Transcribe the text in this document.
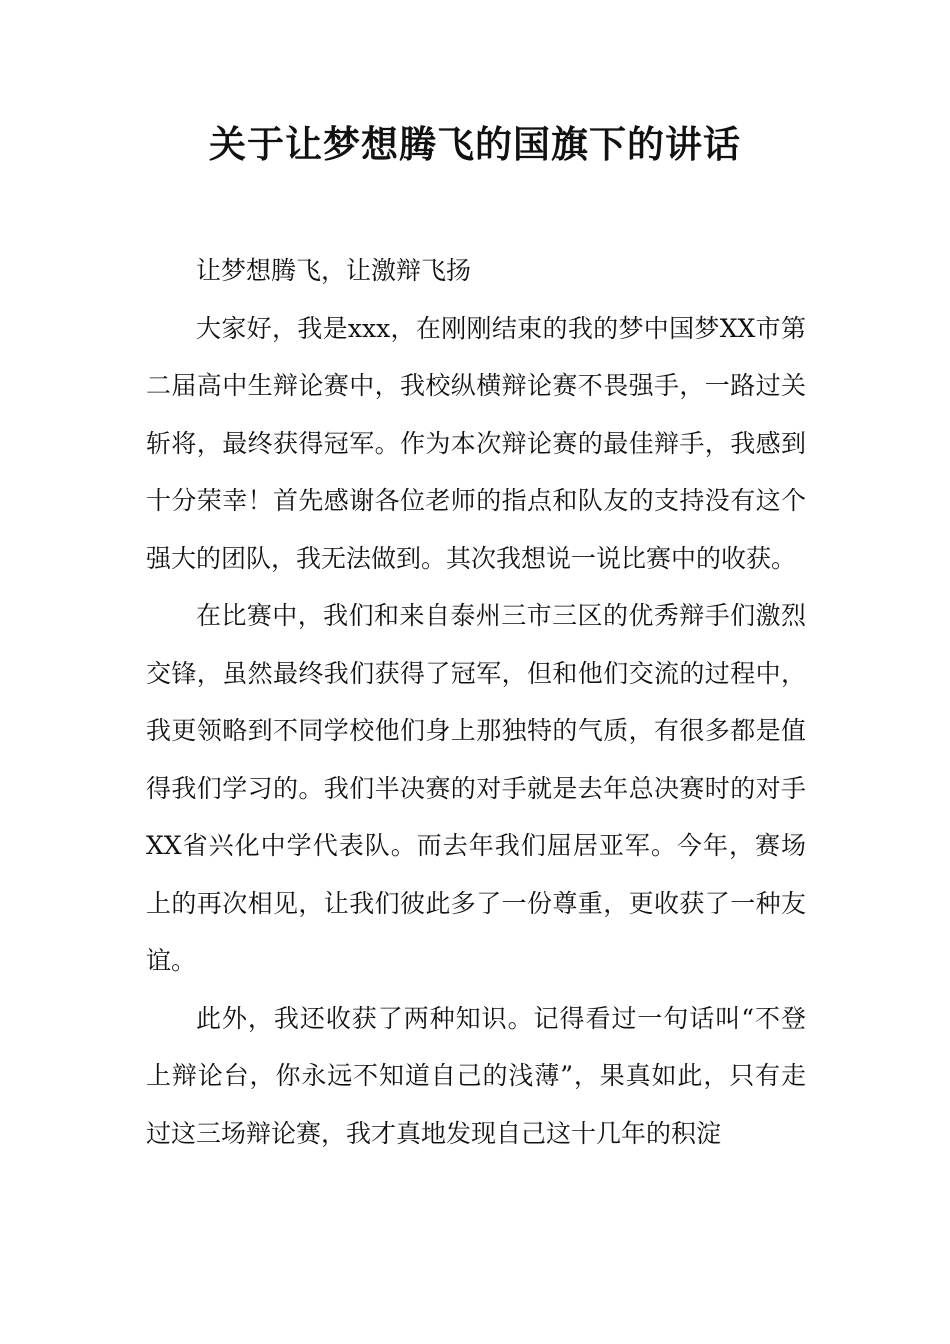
关于让梦想腾飞的国旗下的讲话

让梦想腾飞，让激辩飞扬

大家好，我是xxx，在刚刚结束的我的梦中国梦XX市第二届高中生辩论赛中，我校纵横辩论赛不畏强手，一路过关斩将，最终获得冠军。作为本次辩论赛的最佳辩手，我感到十分荣幸！首先感谢各位老师的指点和队友的支持没有这个强大的团队，我无法做到。其次我想说一说比赛中的收获。

在比赛中，我们和来自泰州三市三区的优秀辩手们激烈交锋，虽然最终我们获得了冠军，但和他们交流的过程中，我更领略到不同学校他们身上那独特的气质，有很多都是值得我们学习的。我们半决赛的对手就是去年总决赛时的对手XX省兴化中学代表队。而去年我们屈居亚军。今年，赛场上的再次相见，让我们彼此多了一份尊重，更收获了一种友谊。

此外，我还收获了两种知识。记得看过一句话叫“不登上辩论台，你永远不知道自己的浅薄”，果真如此，只有走过这三场辩论赛，我才真地发现自己这十几年的积淀
